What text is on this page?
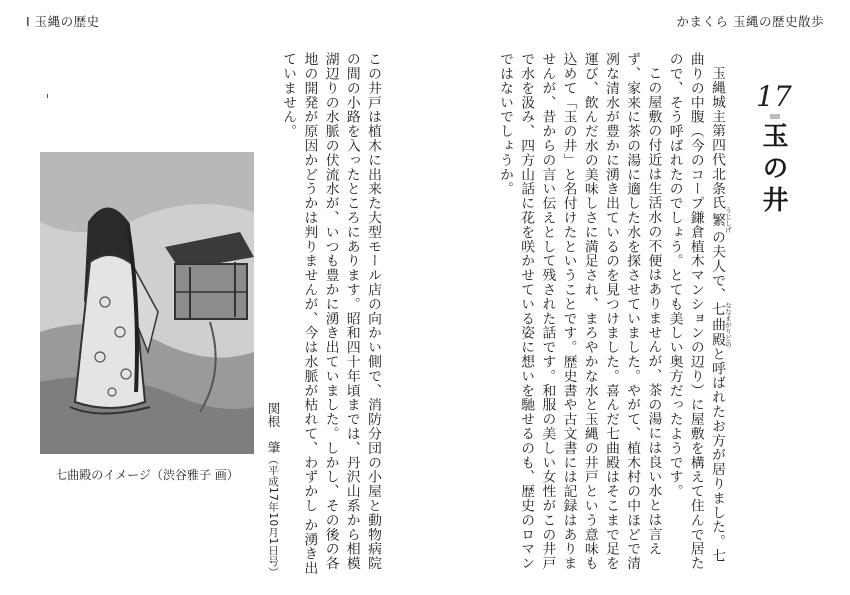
Ⅰ 玉縄の歴史
七曲殿のイメージ（渋谷雅子 画）	この井戸は植木に出来た大型モール店の向かい側で、消防分団の小屋と動物病院の間の小路を入ったところにあります。昭和四十年頃までは、丹沢山系から相模湖辺りの水脈の伏流水が、いつも豊かに湧き出ていました。しかし、その後の各地の開発が原因かどうかは判りませんが、今は水脈が枯れて、わずかし か湧き出ていません。

関根　肇（平成17年10月1日号）
かまくら 玉縄の歴史散歩
17
玉の井

玉縄城主第四代北条氏繁 うじしげの夫人で、七曲殿 ななまがりどのと呼ばれたお方が居りました。七曲りの中腹（今のコープ鎌倉植木マンションの辺り）に屋敷を構えて住んで居たので、そう呼ばれたのでしょう。とても美しい奥方だったようです。

この屋敷の付近は生活水の不便はありませんが、茶の湯には良い水とは言えず、家来に茶の湯に適した水を探させていました。やがて、植木村の中ほどで清冽な清水が豊かに湧き出ているのを見つけました。喜んだ七曲殿はそこまで足を運び、飲んだ水の美味しさに満足され、まろやかな水と玉縄の井戸という意味も込めて「玉の井」と名付けたということです。歴史書や古文書には記録はありませんが、昔からの言い伝えとして残された話です。和服の美しい女性がこの井戸で水を汲み、四方山話に花を咲かせている姿に想いを馳せるのも、歴史のロマンではないでしょうか。
